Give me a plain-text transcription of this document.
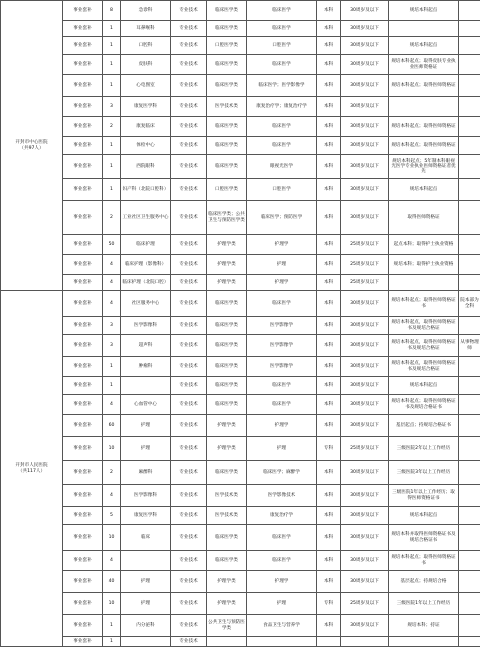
开封市中心医院
（共97人）	事业套补	8	急诊科	专业技术	临床医学类	临床医学	本科	30周岁及以下	规培本科起点	
	事业套补	1	耳鼻喉科	专业技术	临床医学类	临床医学	本科	30周岁及以下		
	事业套补	1	口腔科	专业技术	口腔医学类	口腔医学	本科	30周岁及以下	规培本科起点	
	事业套补	1	皮肤科	专业技术	临床医学类	临床医学	本科	30周岁及以下	规培本科起点；取得皮肤专业执业医师资格证	
	事业套补	1	心电图室	专业技术	临床医学类	临床医学；医学影像学	本科	30周岁及以下	规培本科起点；取得医师资格证	
	事业套补	3	康复医学科	专业技术	医学技术类	康复治疗学；康复治疗学	本科	30周岁及以下		
	事业套补	2	康复临床	专业技术	临床医学类	临床医学	本科	30周岁及以下	规培本科起点；取得医师资格证	
	事业套补	1	体检中心	专业技术	临床医学类	临床医学	本科	30周岁及以下	规培本科起点；取得医师资格证	
	事业套补	1	西院眼科	专业技术	临床医学类	眼视光医学	本科	30周岁及以下	规培本科起点；5年制本科眼视光医学专业执业医师资格证者优先	
	事业套补	1	妇产科（北院口腔科）	专业技术	口腔医学类	口腔医学	本科	30周岁及以下	规培本科起点	
	事业套补	2	工业社区卫生服务中心	专业技术	临床医学类；公共卫生与预防医学类	临床医学；预防医学	本科	30周岁及以下	取得医师资格证	
	事业套补	50	临床护理	专业技术	护理学类	护理学	本科	25周岁及以下	起点本科；取得护士执业资格	
	事业套补	4	临床护理（影像科）	专业技术	护理学类	护理	本科	25周岁及以下	规培本科；取得护士执业资格	
	事业套补	4	临床护理（北院口腔）	专业技术	护理学类	护理学	本科	25周岁及以下		

开封市人民医院
（共117人）	事业套补	4	社区服务中心	专业技术	临床医学类	临床医学	本科	30周岁及以下	规培本科起点；取得医师资格证书	院本部为全科
	事业套补	3	医学影像科	专业技术	临床医学类	医学影像学	本科	30周岁及以下	规培本科起点，取得医师资格证书及规培合格证	
	事业套补	3	超声科	专业技术	临床医学类	医学影像学	本科	30周岁及以下	规培本科起点，取得医师资格证书及规培合格证	从事物理师
	事业套补	1	肿瘤科	专业技术	临床医学类	医学影像学	本科	30周岁及以下	规培本科起点，取得医师资格证书及规培合格证	
	事业套补	1		专业技术	临床医学类	临床医学	本科	30周岁及以下	规培本科起点	
	事业套补	4	心血管中心	专业技术	临床医学类	临床医学	本科	30周岁及以下	规培本科起点；取得医师资格证书及规培合格证书	
	事业套补	60	护理	专业技术	护理学类	护理学	本科	30周岁及以下	基层起点；持规培合格证书	
	事业套补	10	护理	专业技术	护理学类	护理	专科	25周岁及以下	三级医院2年以上工作经历	
	事业套补	2	麻醉科	专业技术	临床医学类	临床医学；麻醉学	本科	30周岁及以下	三级医院3年以上工作经历	
	事业套补	4	医学影像科	专业技术	医学技术类	医学影像技术	本科	30周岁及以下	三级医院1年以上工作经历；取得医师资格证书	
	事业套补	5	康复医学科	专业技术	医学技术类	康复治疗学	本科	30周岁及以下	规培本科起点	
	事业套补	10	临床	专业技术	临床医学类	临床医学	本科	30周岁及以下	规培本科并取得医师资格证书及规培合格证书	
	事业套补	4		专业技术	临床医学类	临床医学	本科	30周岁及以下	规培本科起点；取得医师资格证书	
	事业套补	40	护理	专业技术	护理学类	护理学	本科	30周岁及以下	基层起点；持规培合格	
	事业套补	10	护理	专业技术	护理学类	护理	专科	25周岁及以下	三级医院1年以上工作经历	
	事业套补	1	内分泌科	专业技术	公共卫生与预防医学类	食品卫生与营养学	本科	30周岁及以下	规培本科；持证	
	事业套补	1		专业技术						
